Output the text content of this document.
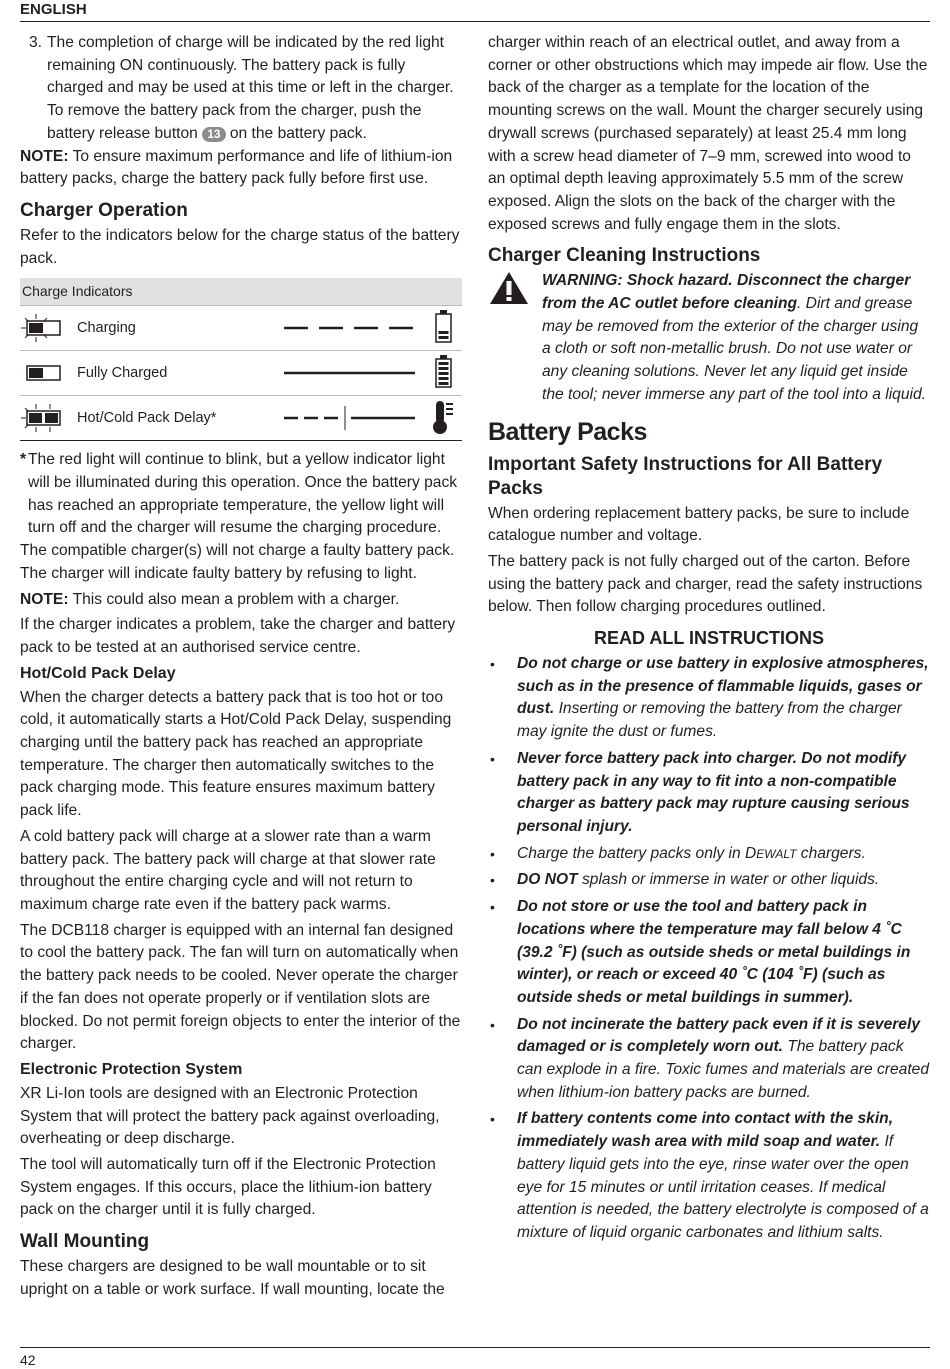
ENGLISH
3. The completion of charge will be indicated by the red light remaining ON continuously. The battery pack is fully charged and may be used at this time or left in the charger. To remove the battery pack from the charger, push the battery release button 13 on the battery pack.

NOTE: To ensure maximum performance and life of lithium-ion battery packs, charge the battery pack fully before first use.

Charger Operation

Refer to the indicators below for the charge status of the battery pack.

Charge Indicators
Charging
Fully Charged
Hot/Cold Pack Delay*
* The red light will continue to blink, but a yellow indicator light will be illuminated during this operation. Once the battery pack has reached an appropriate temperature, the yellow light will turn off and the charger will resume the charging procedure.

The compatible charger(s) will not charge a faulty battery pack. The charger will indicate faulty battery by refusing to light.

NOTE: This could also mean a problem with a charger.

If the charger indicates a problem, take the charger and battery pack to be tested at an authorised service centre.

Hot/Cold Pack Delay

When the charger detects a battery pack that is too hot or too cold, it automatically starts a Hot/Cold Pack Delay, suspending charging until the battery pack has reached an appropriate temperature. The charger then automatically switches to the pack charging mode. This feature ensures maximum battery pack life.

A cold battery pack will charge at a slower rate than a warm battery pack. The battery pack will charge at that slower rate throughout the entire charging cycle and will not return to maximum charge rate even if the battery pack warms.

The DCB118 charger is equipped with an internal fan designed to cool the battery pack. The fan will turn on automatically when the battery pack needs to be cooled. Never operate the charger if the fan does not operate properly or if ventilation slots are blocked. Do not permit foreign objects to enter the interior of the charger.

Electronic Protection System

XR Li-Ion tools are designed with an Electronic Protection System that will protect the battery pack against overloading, overheating or deep discharge.

The tool will automatically turn off if the Electronic Protection System engages. If this occurs, place the lithium-ion battery pack on the charger until it is fully charged.

Wall Mounting

These chargers are designed to be wall mountable or to sit upright on a table or work surface. If wall mounting, locate the

charger within reach of an electrical outlet, and away from a corner or other obstructions which may impede air flow. Use the back of the charger as a template for the location of the mounting screws on the wall. Mount the charger securely using drywall screws (purchased separately) at least 25.4 mm long with a screw head diameter of 7–9 mm, screwed into wood to an optimal depth leaving approximately 5.5 mm of the screw exposed. Align the slots on the back of the charger with the exposed screws and fully engage them in the slots.

Charger Cleaning Instructions
WARNING: Shock hazard. Disconnect the charger from the AC outlet before cleaning. Dirt and grease may be removed from the exterior of the charger using a cloth or soft non-metallic brush. Do not use water or any cleaning solutions. Never let any liquid get inside the tool; never immerse any part of the tool into a liquid.
Battery Packs
Important Safety Instructions for All Battery Packs

When ordering replacement battery packs, be sure to include catalogue number and voltage.

The battery pack is not fully charged out of the carton. Before using the battery pack and charger, read the safety instructions below. Then follow charging procedures outlined.

READ ALL INSTRUCTIONS
•	Do not charge or use battery in explosive atmospheres, such as in the presence of flammable liquids, gases or dust. Inserting or removing the battery from the charger may ignite the dust or fumes.
•	Never force battery pack into charger. Do not modify battery pack in any way to fit into a non-compatible charger as battery pack may rupture causing serious personal injury.
•	Charge the battery packs only in DEWALT chargers.
•	DO NOT splash or immerse in water or other liquids.
•	Do not store or use the tool and battery pack in locations where the temperature may fall below 4 ˚C (39.2 ˚F) (such as outside sheds or metal buildings in winter), or reach or exceed 40 ˚C (104 ˚F) (such as outside sheds or metal buildings in summer).
•	Do not incinerate the battery pack even if it is severely damaged or is completely worn out. The battery pack can explode in a fire. Toxic fumes and materials are created when lithium-ion battery packs are burned.
•	If battery contents come into contact with the skin, immediately wash area with mild soap and water. If battery liquid gets into the eye, rinse water over the open eye for 15 minutes or until irritation ceases. If medical attention is needed, the battery electrolyte is composed of a mixture of liquid organic carbonates and lithium salts.
42
